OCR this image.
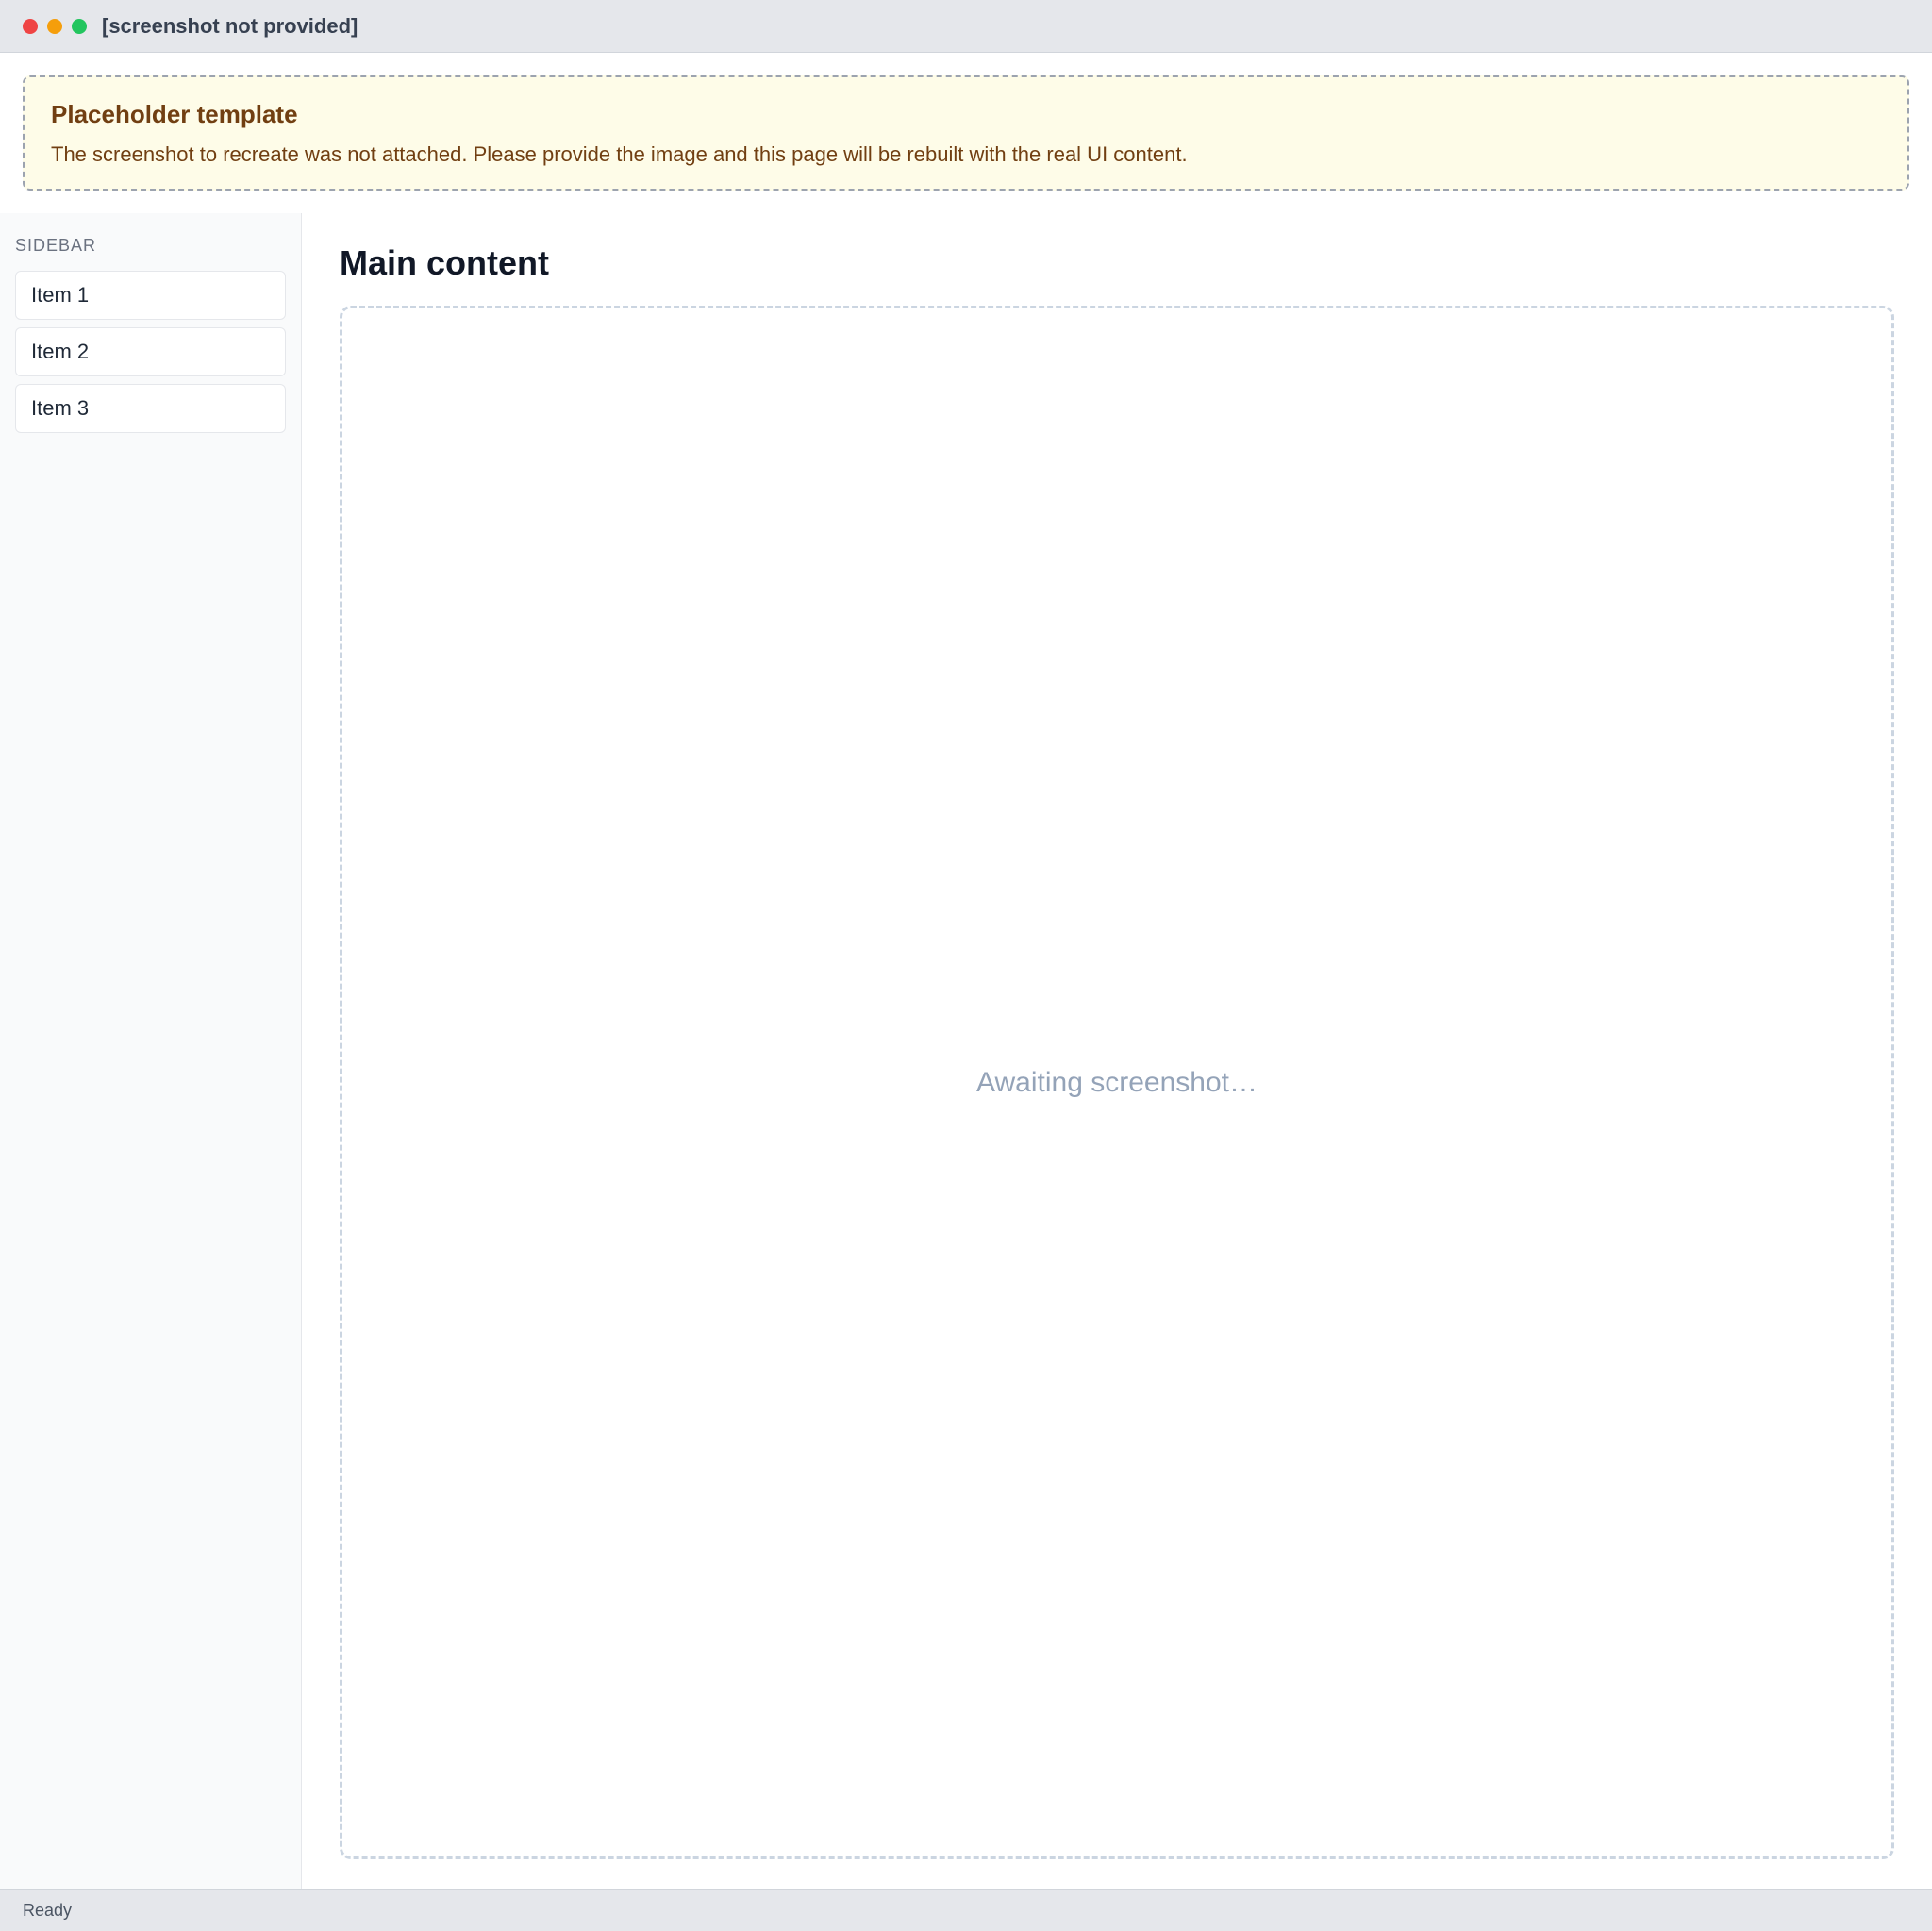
[screenshot not provided]
Placeholder template
The screenshot to recreate was not attached. Please provide the image and this page will be rebuilt with the real UI content.
SIDEBAR
Item 1
Item 2
Item 3
Main content
Awaiting screenshot…
Ready
